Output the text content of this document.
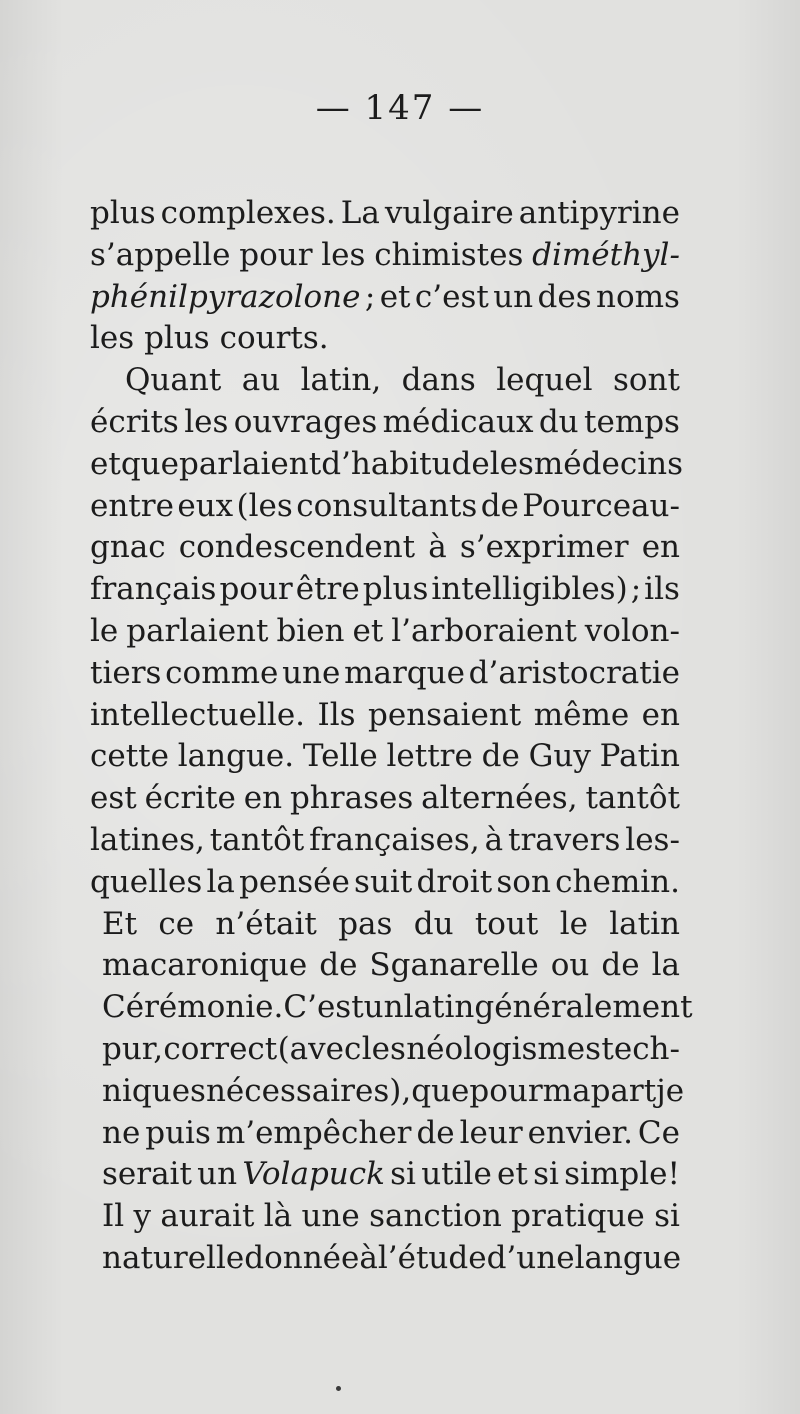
— 147 —
plus complexes. La vulgaire antipyrine
s’appelle pour les chimistes diméthyl-
phénilpyrazolone ; et c’est un des noms
les plus courts.
Quant au latin, dans lequel sont
écrits les ouvrages médicaux du temps
et que parlaient d’habitude les médecins
entre eux (les consultants de Pourceau-
gnac condescendent à s’exprimer en
français pour être plus intelligibles) ; ils
le parlaient bien et l’arboraient volon-
tiers comme une marque d’aristocratie
intellectuelle. Ils pensaient même en
cette langue. Telle lettre de Guy Patin
est écrite en phrases alternées, tantôt
latines, tantôt françaises, à travers les-
quelles la pensée suit droit son chemin.
Et ce n’était pas du tout le latin
macaronique de Sganarelle ou de la
Cérémonie. C’est un latin généralement
pur, correct (avec les néologismes tech-
niques nécessaires) , que pour ma part je
ne puis m’empêcher de leur envier. Ce
serait un Volapuck si utile et si simple!
Il y aurait là une sanction pratique si
naturelle donnée à l’étude d’une langue
